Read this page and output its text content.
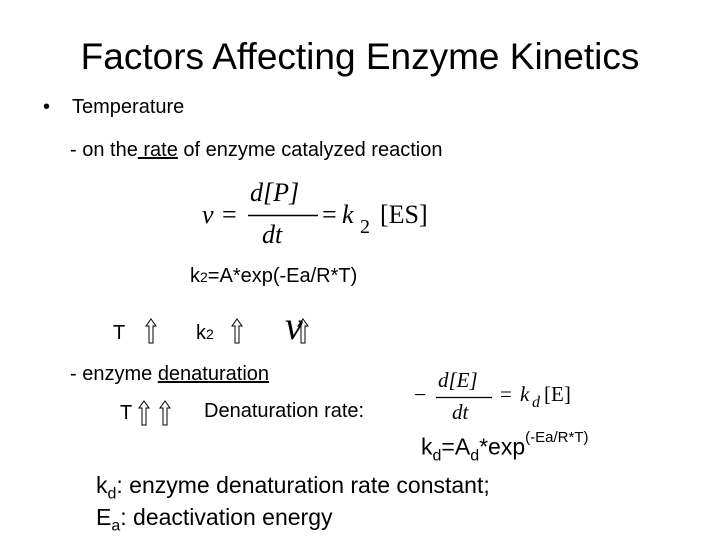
Factors Affecting Enzyme Kinetics
• Temperature
- on the rate of enzyme catalyzed reaction
v =
d[P]
dt
= k 2 [ES]
k2=A*exp(-Ea/R*T)
T	k2 v
- enzyme denaturation
T	Denaturation rate:
−
d[E]
dt
= k d [E]
$k_d=A_d*\exp^{(-Ea/R*T)}$
$k_d$: enzyme denaturation rate constant;
$E_a$: deactivation energy
